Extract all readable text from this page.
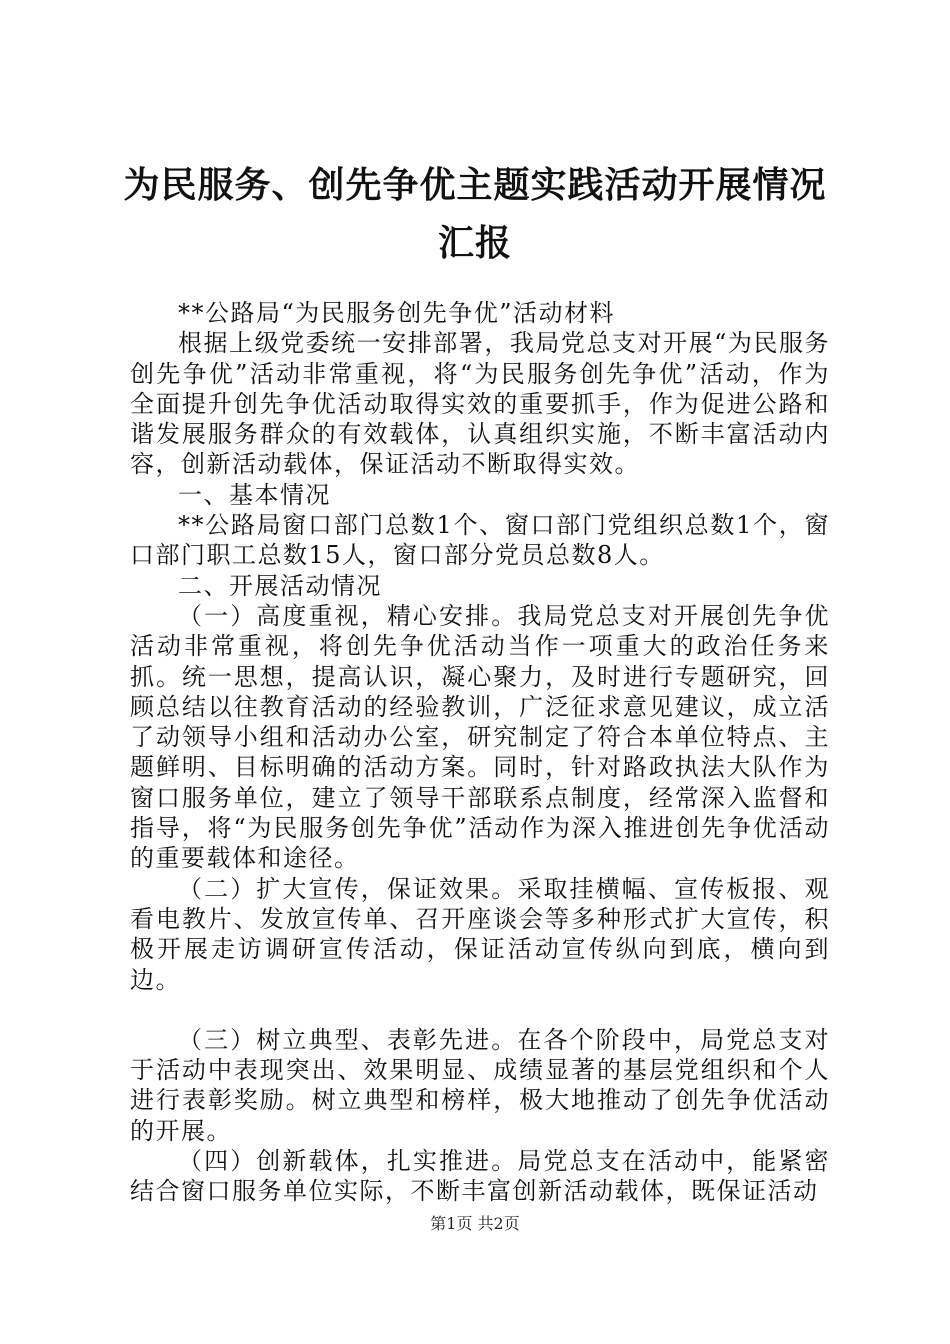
为民服务、创先争优主题实践活动开展情况汇报

**公路局“为民服务创先争优”活动材料

根据上级党委统一安排部署，我局党总支对开展“为民服务创先争优”活动非常重视，将“为民服务创先争优”活动，作为全面提升创先争优活动取得实效的重要抓手，作为促进公路和谐发展服务群众的有效载体，认真组织实施，不断丰富活动内容，创新活动载体，保证活动不断取得实效。

一、基本情况

**公路局窗口部门总数1个、窗口部门党组织总数1个，窗口部门职工总数15人，窗口部分党员总数8人。

二、开展活动情况

（一）高度重视，精心安排。我局党总支对开展创先争优活动非常重视，将创先争优活动当作一项重大的政治任务来抓。统一思想，提高认识，凝心聚力，及时进行专题研究，回顾总结以往教育活动的经验教训，广泛征求意见建议，成立活了动领导小组和活动办公室，研究制定了符合本单位特点、主题鲜明、目标明确的活动方案。同时，针对路政执法大队作为窗口服务单位，建立了领导干部联系点制度，经常深入监督和指导，将“为民服务创先争优”活动作为深入推进创先争优活动的重要载体和途径。

（二）扩大宣传，保证效果。采取挂横幅、宣传板报、观看电教片、发放宣传单、召开座谈会等多种形式扩大宣传，积极开展走访调研宣传活动，保证活动宣传纵向到底，横向到边。

（三）树立典型、表彰先进。在各个阶段中，局党总支对于活动中表现突出、效果明显、成绩显著的基层党组织和个人进行表彰奖励。树立典型和榜样，极大地推动了创先争优活动的开展。

（四）创新载体，扎实推进。局党总支在活动中，能紧密结合窗口服务单位实际，不断丰富创新活动载体，既保证活动

第1页 共2页
